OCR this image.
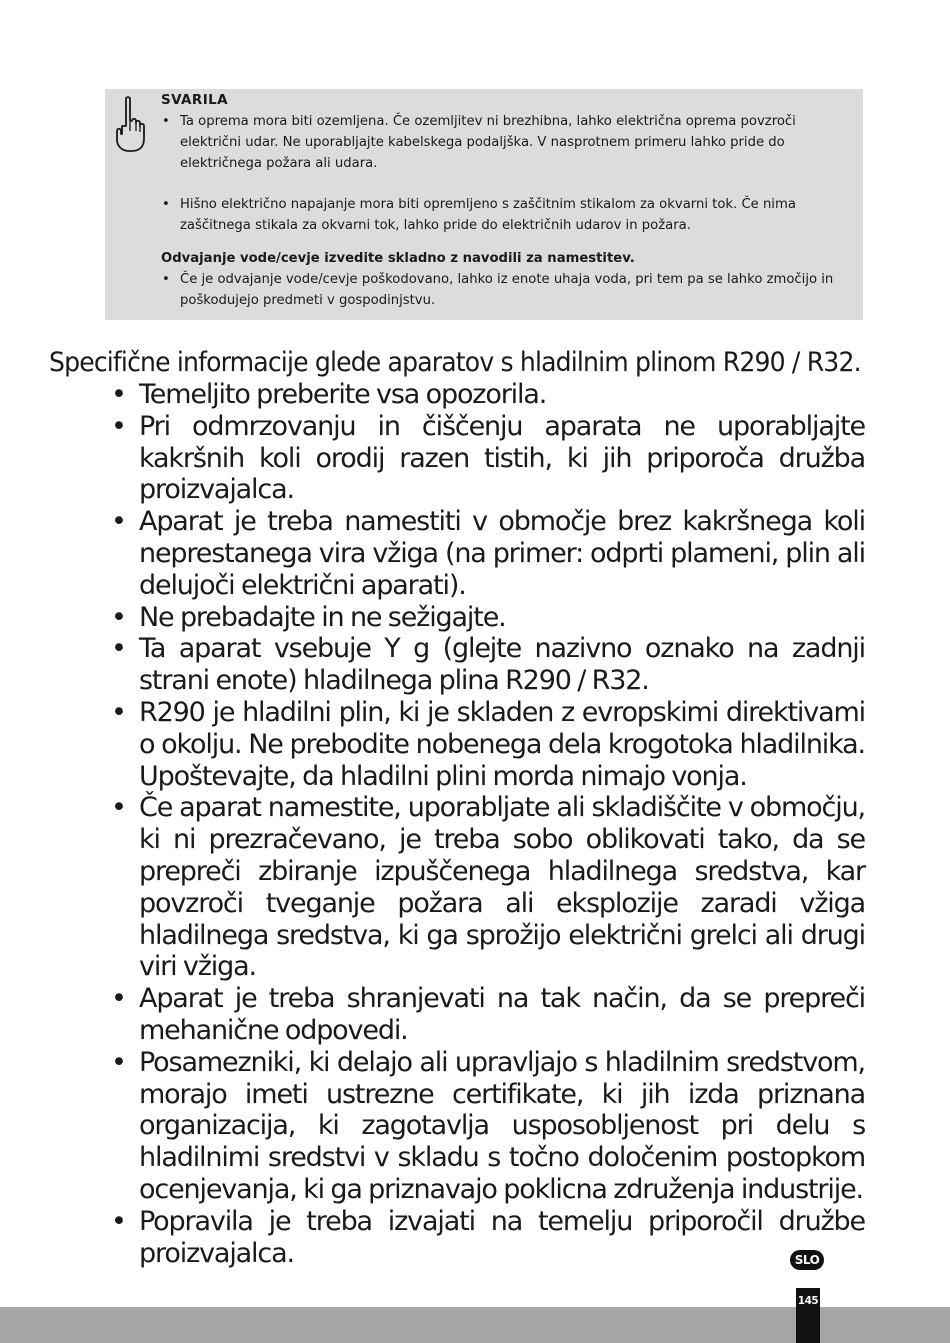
SVARILA
• Ta oprema mora biti ozemljena. Če ozemljitev ni brezhibna, lahko električna oprema povzroči električni udar. Ne uporabljajte kabelskega podaljška. V nasprotnem primeru lahko pride do električnega požara ali udara.
• Hišno električno napajanje mora biti opremljeno s zaščitnim stikalom za okvarni tok. Če nima zaščitnega stikala za okvarni tok, lahko pride do električnih udarov in požara.
Odvajanje vode/cevje izvedite skladno z navodili za namestitev.
• Če je odvajanje vode/cevje poškodovano, lahko iz enote uhaja voda, pri tem pa se lahko zmočijo in poškodujejo predmeti v gospodinjstvu.
Specifične informacije glede aparatov s hladilnim plinom R290 / R32.
• Temeljito preberite vsa opozorila.
• Pri odmrzovanju in čiščenju aparata ne uporabljajte kakršnih koli orodij razen tistih, ki jih priporoča družba proizvajalca.
• Aparat je treba namestiti v območje brez kakršnega koli neprestanega vira vžiga (na primer: odprti plameni, plin ali delujoči električni aparati).
• Ne prebadajte in ne sežigajte.
• Ta aparat vsebuje Y g (glejte nazivno oznako na zadnji strani enote) hladilnega plina R290 / R32.
• R290 je hladilni plin, ki je skladen z evropskimi direktivami o okolju. Ne prebodite nobenega dela krogotoka hladilnika. Upoštevajte, da hladilni plini morda nimajo vonja.
• Če aparat namestite, uporabljate ali skladiščite v območju, ki ni prezračevano, je treba sobo oblikovati tako, da se prepreči zbiranje izpuščenega hladilnega sredstva, kar povzroči tveganje požara ali eksplozije zaradi vžiga hladilnega sredstva, ki ga sprožijo električni grelci ali drugi viri vžiga.
• Aparat je treba shranjevati na tak način, da se prepreči mehanične odpovedi.
• Posamezniki, ki delajo ali upravljajo s hladilnim sredstvom, morajo imeti ustrezne certifikate, ki jih izda priznana organizacija, ki zagotavlja usposobljenost pri delu s hladilnimi sredstvi v skladu s točno določenim postopkom ocenjevanja, ki ga priznavajo poklicna združenja industrije.
• Popravila je treba izvajati na temelju priporočil družbe proizvajalca.	SLO
145
